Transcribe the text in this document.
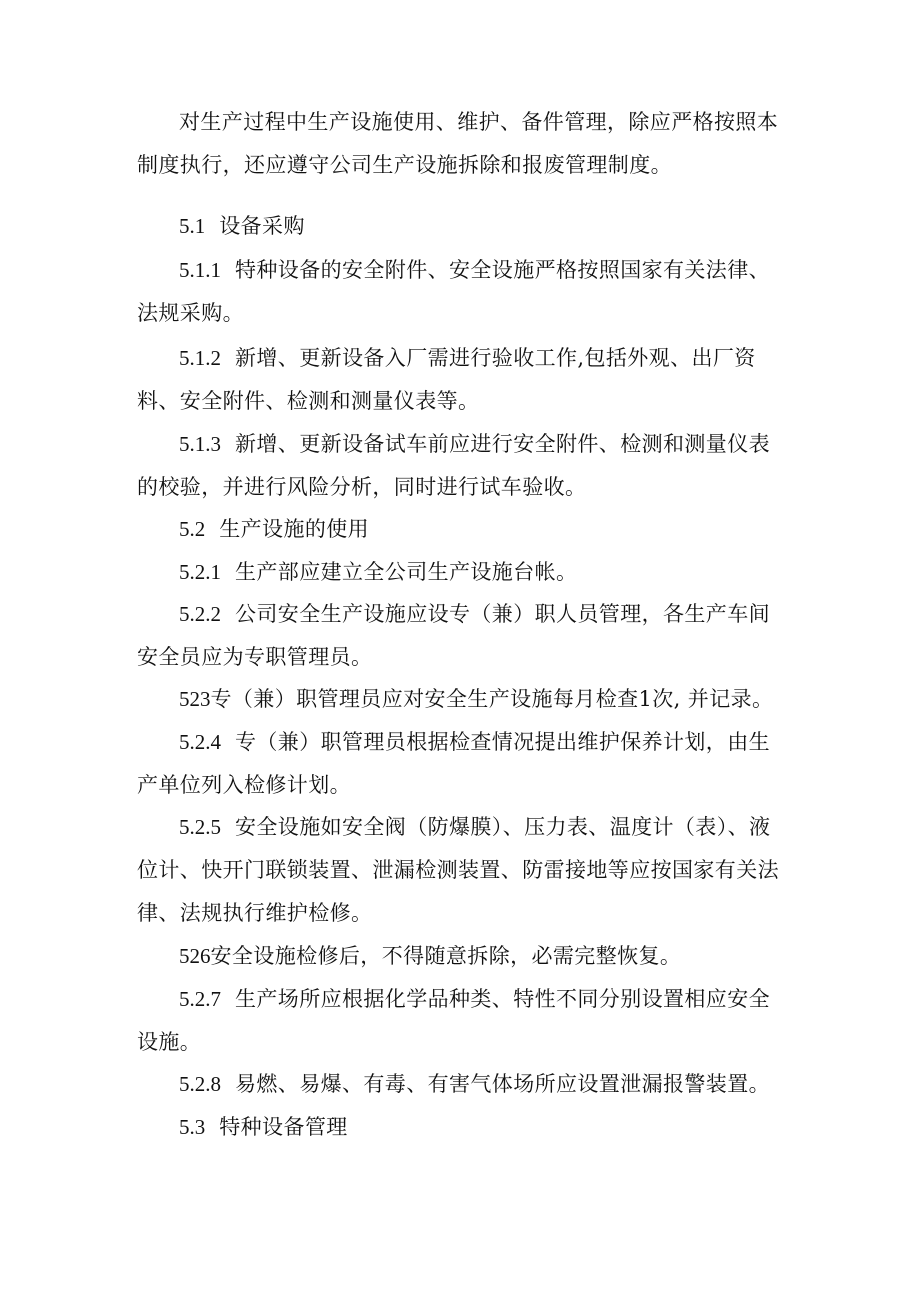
对生产过程中生产设施使用、维护、备件管理，除应严格按照本制度执行，还应遵守公司生产设施拆除和报废管理制度。

5.1 设备采购

5.1.1 特种设备的安全附件、安全设施严格按照国家有关法律、法规采购。

5.1.2 新增、更新设备入厂需进行验收工作,包括外观、出厂资料、安全附件、检测和测量仪表等。

5.1.3 新增、更新设备试车前应进行安全附件、检测和测量仪表的校验，并进行风险分析，同时进行试车验收。

5.2 生产设施的使用

5.2.1 生产部应建立全公司生产设施台帐。

5.2.2 公司安全生产设施应设专（兼）职人员管理，各生产车间安全员应为专职管理员。

523专（兼）职管理员应对安全生产设施每月检查1次, 并记录。

5.2.4 专（兼）职管理员根据检查情况提出维护保养计划，由生产单位列入检修计划。

5.2.5 安全设施如安全阀（防爆膜）、压力表、温度计（表）、液位计、快开门联锁装置、泄漏检测装置、防雷接地等应按国家有关法律、法规执行维护检修。

526安全设施检修后，不得随意拆除，必需完整恢复。

5.2.7 生产场所应根据化学品种类、特性不同分别设置相应安全设施。

5.2.8 易燃、易爆、有毒、有害气体场所应设置泄漏报警装置。

5.3 特种设备管理
